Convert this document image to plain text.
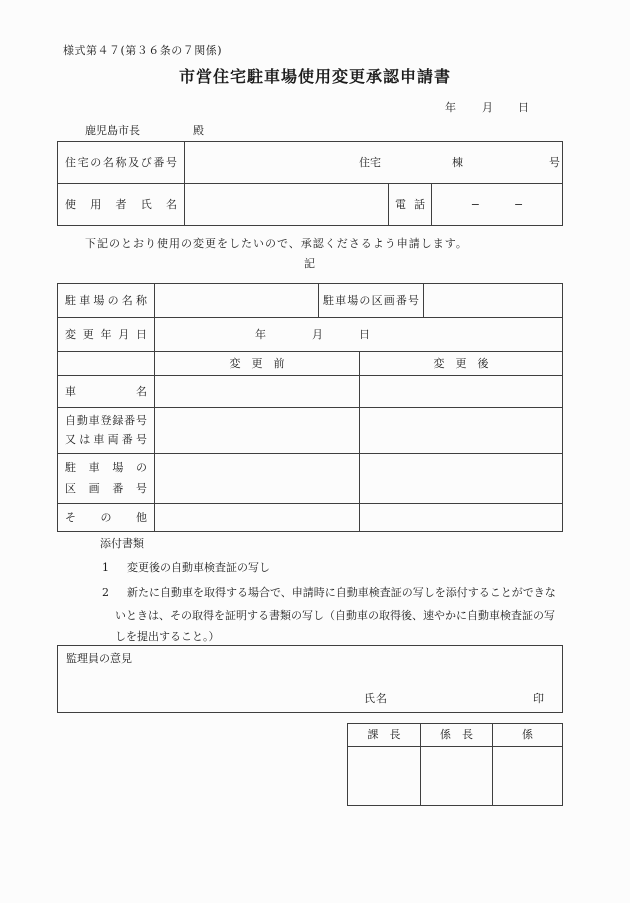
様式第４７(第３６条の７関係)
市営住宅駐車場使用変更承認申請書
年 月 日
鹿児島市長	殿
住宅の名称及び番号	住宅	棟	号
使用者氏名	電話	−	−
下記のとおり使用の変更をしたいので、承認くださるよう申請します。
記
駐車場の名称	駐車場の区画番号
変更年月日	年	月	日
変　更　前	変　更　後
車名
自動車登録番号
又は車両番号
駐車場の
区画番号
その他
添付書類
1 変更後の自動車検査証の写し
2 新たに自動車を取得する場合で、申請時に自動車検査証の写しを添付することができな
いときは、その取得を証明する書類の写し（自動車の取得後、速やかに自動車検査証の写
しを提出すること。）
監理員の意見
氏名	印
課　長	係　長	係
